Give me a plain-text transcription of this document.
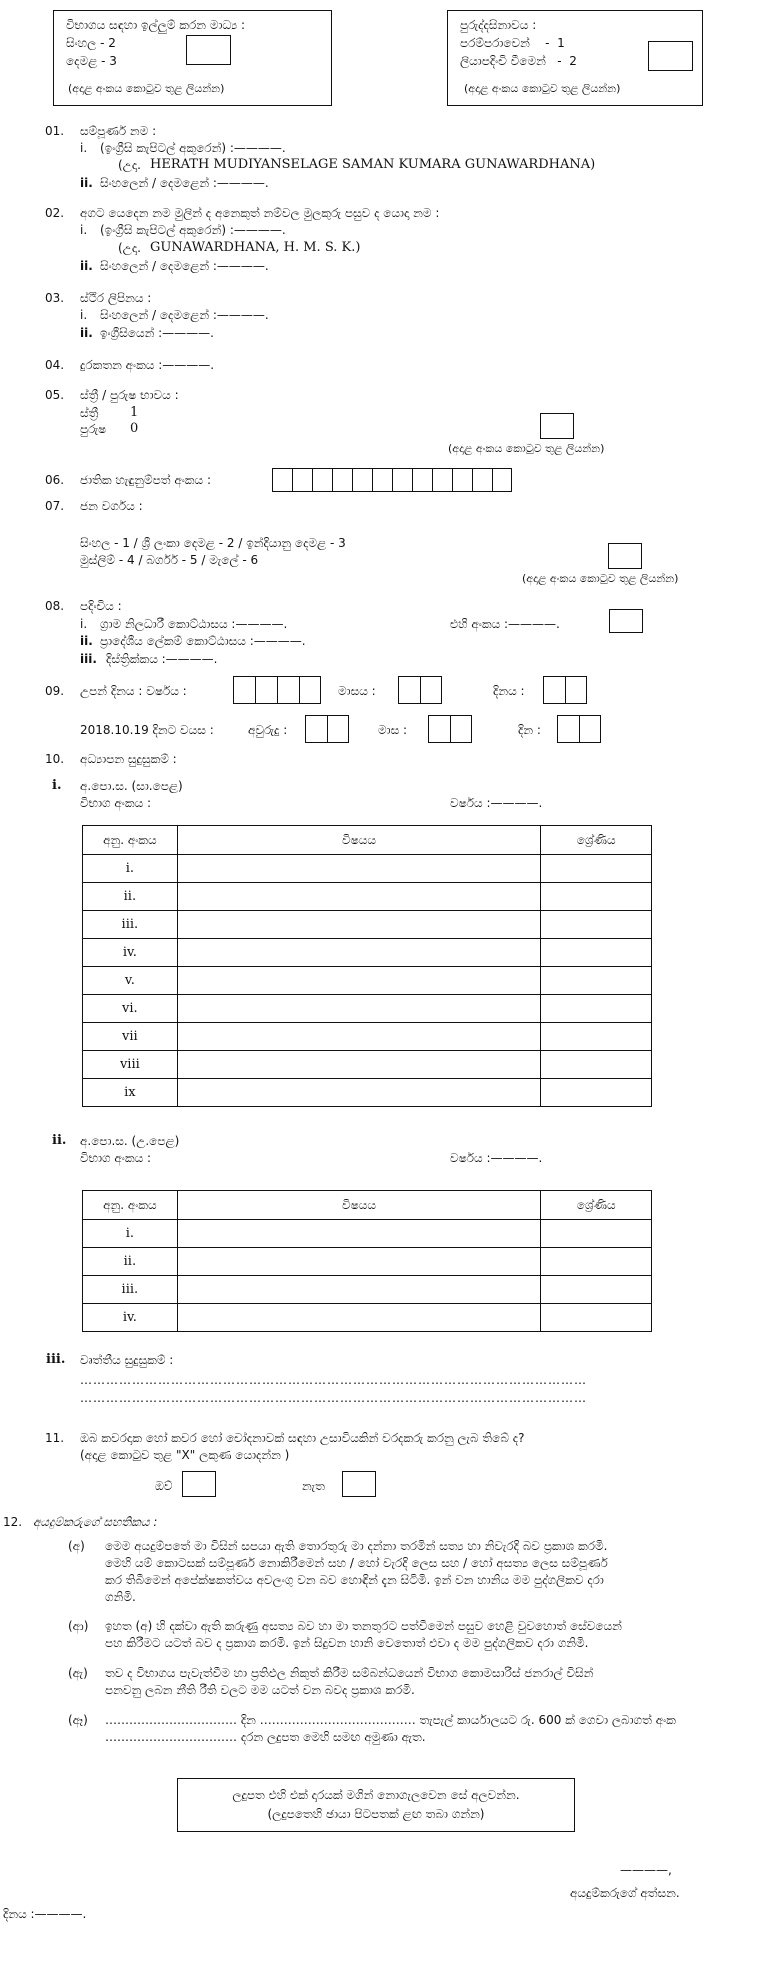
විභාගය සඳහා ඉල්ලුම් කරන මාධ්‍ය :
සිංහල - 2
දෙමළ - 3
(අදාළ අංකය කොටුව තුළ ලියන්න)
පුරුද්දසිනාවය :
පරම්පරාවෙන්    -  1
ලියාපදිංචි වීමෙන්   -  2
(අදාළ අංකය කොටුව තුළ ලියන්න)
01. සම්පූර්ණ නම :
i. (ඉංග්‍රීසි කැපිටල් අකුරෙන්) :————.
(උදා. HERATH MUDIYANSELAGE SAMAN KUMARA GUNAWARDHANA)
ii. සිංහලෙන් / දෙමළෙන් :————.
02. අගට යෙදෙන නම මුලින් ද අනෙකුත් නම්වල මුලකුරු පසුව ද යොදා නම :
i. (ඉංග්‍රීසි කැපිටල් අකුරෙන්) :————.
(උදා. GUNAWARDHANA, H. M. S. K.)
ii. සිංහලෙන් / දෙමළෙන් :————.
03. ස්ථිර ලිපිනය :
i. සිංහලෙන් / දෙමළෙන් :————.
ii. ඉංග්‍රීසියෙන් :————.
04. දුරකතන අංකය :————.
05. ස්ත්‍රී / පුරුෂ භාවය :
ස්ත්‍රී 1
පුරුෂ 0
(අදාළ අංකය කොටුව තුළ ලියන්න)
06. ජාතික හැඳුනුම්පත් අංකය :
07. ජන වර්ගය :
සිංහල - 1 / ශ්‍රී ලංකා දෙමළ - 2 / ඉන්දියානු දෙමළ - 3
මුස්ලිම් - 4 / බර්ගර් - 5 / මැලේ - 6
(අදාළ අංකය කොටුව තුළ ලියන්න)
08. පදිංචිය :
i. ග්‍රාම නිලධාරී කොට්ඨාසය :————.	එහි අංකය :————.
ii. ප්‍රාදේශීය ලේකම් කොට්ඨාසය :————.
iii. දිස්ත්‍රික්කය :————.
09. උපන් දිනය : වර්ෂය :	මාසය :	දිනය :
2018.10.19 දිනට වයස :	අවුරුදු :	මාස :	දින :
10. අධ්‍යාපන සුදුසුකම් :
i. අ.පො.ස. (සා.පෙළ)
විභාග අංකය :	වර්ෂය :————.
අනු. අංකය	විෂයය	ශ්‍රේණිය
i.		
ii.		
iii.		
iv.		
v.		
vi.		
vii		
viii		
ix		
ii. අ.පො.ස. (උ.පෙළ)
විභාග අංකය :	වර්ෂය :————.
අනු. අංකය	විෂයය	ශ්‍රේණිය
i.		
ii.		
iii.		
iv.		
iii. වෘත්තීය සුදුසුකම් :
………………………………………………………………………………………………………
………………………………………………………………………………………………………
11. ඔබ කවරදාක හෝ කවර හෝ චෝදනාවක් සඳහා උසාවියකින් වරදකරු කරනු ලැබ තිබේ ද?
(අදාළ කොටුව තුළ "X" ලකුණ යොදන්න )
ඔව්	නැත
12. අයදුම්කරුගේ සහතිකය :
(අ) මෙම අයදුම්පතේ මා විසින් සපයා ඇති තොරතුරු මා දන්නා තරමින් සත්‍ය හා නිවැරදි බව ප්‍රකාශ කරමි.
මෙහි යම් කොටසක් සම්පූර්ණ නොකිරීමෙන් සහ / හෝ වැරදි ලෙස සහ / හෝ අසත්‍ය ලෙස සම්පූර්ණ
කර තිබීමෙන් අපේක්ෂකත්වය අවලංගු වන බව හොඳින් දැන සිටිමි. ඉන් වන හානිය මම පුද්ගලිකව දරා
ගනිමි.
(ආ) ඉහත (අ) හි දක්වා ඇති කරුණු අසත්‍ය බව හා මා තනතුරට පත්වීමෙන් පසුව හෙළි වුවහොත් සේවයෙන්
පහ කිරීමට යටත් බව ද ප්‍රකාශ කරමි. ඉන් සිදුවන හානි වෙතොත් එවා ද මම පුද්ගලිකව දරා ගනිමි.
(ඇ) තව ද විභාගය පැවැත්වීම හා ප්‍රතිඵල නිකුත් කිරීම සම්බන්ධයෙන් විභාග කොමසාරිස් ජනරාල් විසින්
පනවනු ලබන නීති රීති වලට මම යටත් වන බවද ප්‍රකාශ කරමි.
(ඈ) …………………………… දින ………………………………… තැපැල් කාර්යාලයට රු. 600 ක් ගෙවා ලබාගත් අංක
…………………………… දරන ලදුපත මෙහි සමඟ අමුණා ඇත.
ලදුපත එහි එක් දාරයක් මගින් නොගැලවෙන සේ අලවන්න.
(ලදුපතෙහි ඡායා පිටපතක් ළඟ තබා ගන්න)
————,
අයදුම්කරුගේ අත්සන.
දිනය :————.
